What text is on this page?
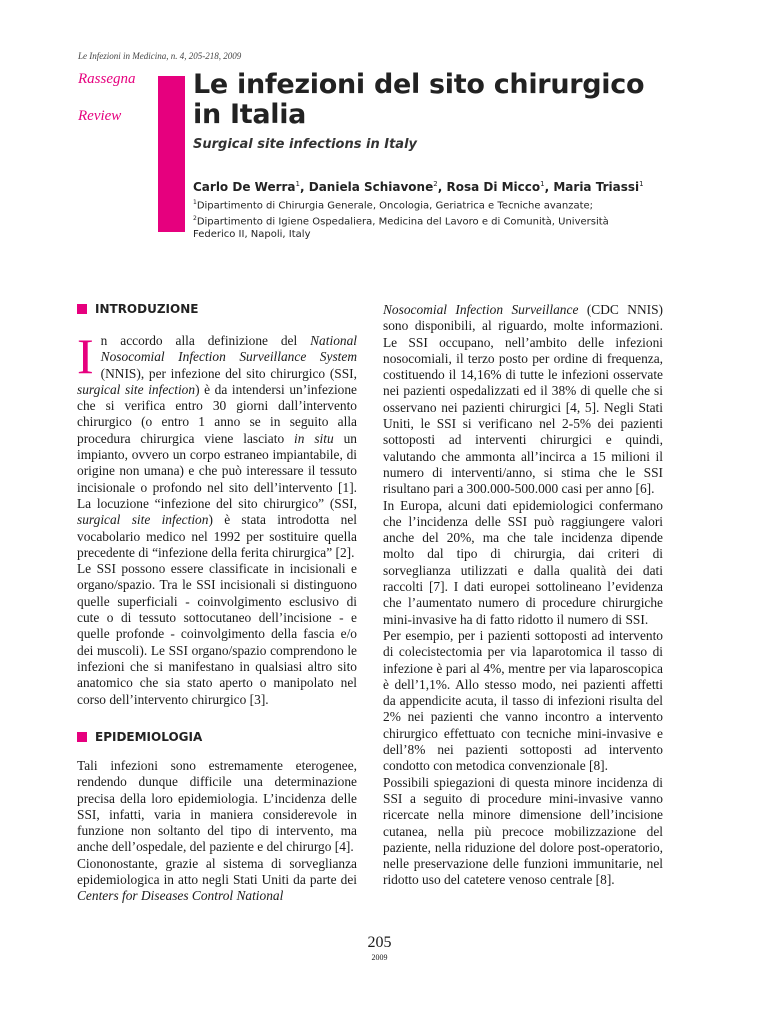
Le Infezioni in Medicina, n. 4, 205-218, 2009
Rassegna
Review
Le infezioni del sito chirurgico
in Italia
Surgical site infections in Italy
Carlo De Werra$^1$, Daniela Schiavone$^2$, Rosa Di Micco$^1$, Maria Triassi$^1$
$^1$Dipartimento di Chirurgia Generale, Oncologia, Geriatrica e Tecniche avanzate;
$^2$Dipartimento di Igiene Ospedaliera, Medicina del Lavoro e di Comunità, Università Federico II, Napoli, Italy
INTRODUZIONE

In accordo alla definizione del National Nosocomial Infection Surveillance System (NNIS), per infezione del sito chirurgico (SSI, surgical site infection) è da intendersi un’infezione che si verifica entro 30 giorni dall’intervento chirurgico (o entro 1 anno se in seguito alla procedura chirurgica viene lasciato in situ un impianto, ovvero un corpo estraneo impiantabile, di origine non umana) e che può interessare il tessuto incisionale o profondo nel sito dell’intervento [1]. La locuzione “infezione del sito chirurgico” (SSI, surgical site infection) è stata introdotta nel vocabolario medico nel 1992 per sostituire quella precedente di “infezione della ferita chirurgica” [2].

Le SSI possono essere classificate in incisionali e organo/spazio. Tra le SSI incisionali si distinguono quelle superficiali - coinvolgimento esclusivo di cute o di tessuto sottocutaneo dell’incisione - e quelle profonde - coinvolgimento della fascia e/o dei muscoli). Le SSI organo/spazio comprendono le infezioni che si manifestano in qualsiasi altro sito anatomico che sia stato aperto o manipolato nel corso dell’intervento chirurgico [3].

EPIDEMIOLOGIA

Tali infezioni sono estremamente eterogenee, rendendo dunque difficile una determinazione precisa della loro epidemiologia. L’incidenza delle SSI, infatti, varia in maniera considerevole in funzione non soltanto del tipo di intervento, ma anche dell’ospedale, del paziente e del chirurgo [4].

Ciononostante, grazie al sistema di sorveglianza epidemiologica in atto negli Stati Uniti da parte dei Centers for Diseases Control National

Nosocomial Infection Surveillance (CDC NNIS) sono disponibili, al riguardo, molte informazioni. Le SSI occupano, nell’ambito delle infezioni nosocomiali, il terzo posto per ordine di frequenza, costituendo il 14,16% di tutte le infezioni osservate nei pazienti ospedalizzati ed il 38% di quelle che si osservano nei pazienti chirurgici [4, 5]. Negli Stati Uniti, le SSI si verificano nel 2-5% dei pazienti sottoposti ad interventi chirurgici e quindi, valutando che ammonta all’incirca a 15 milioni il numero di interventi/anno, si stima che le SSI risultano pari a 300.000-500.000 casi per anno [6].

In Europa, alcuni dati epidemiologici confermano che l’incidenza delle SSI può raggiungere valori anche del 20%, ma che tale incidenza dipende molto dal tipo di chirurgia, dai criteri di sorveglianza utilizzati e dalla qualità dei dati raccolti [7]. I dati europei sottolineano l’evidenza che l’aumentato numero di procedure chirurgiche mini-invasive ha di fatto ridotto il numero di SSI.

Per esempio, per i pazienti sottoposti ad intervento di colecistectomia per via laparotomica il tasso di infezione è pari al 4%, mentre per via laparoscopica è dell’1,1%. Allo stesso modo, nei pazienti affetti da appendicite acuta, il tasso di infezioni risulta del 2% nei pazienti che vanno incontro a intervento chirurgico effettuato con tecniche mini-invasive e dell’8% nei pazienti sottoposti ad intervento condotto con metodica convenzionale [8].

Possibili spiegazioni di questa minore incidenza di SSI a seguito di procedure mini-invasive vanno ricercate nella minore dimensione dell’incisione cutanea, nella più precoce mobilizzazione del paziente, nella riduzione del dolore post-operatorio, nelle preservazione delle funzioni immunitarie, nel ridotto uso del catetere venoso centrale [8].

205
2009
